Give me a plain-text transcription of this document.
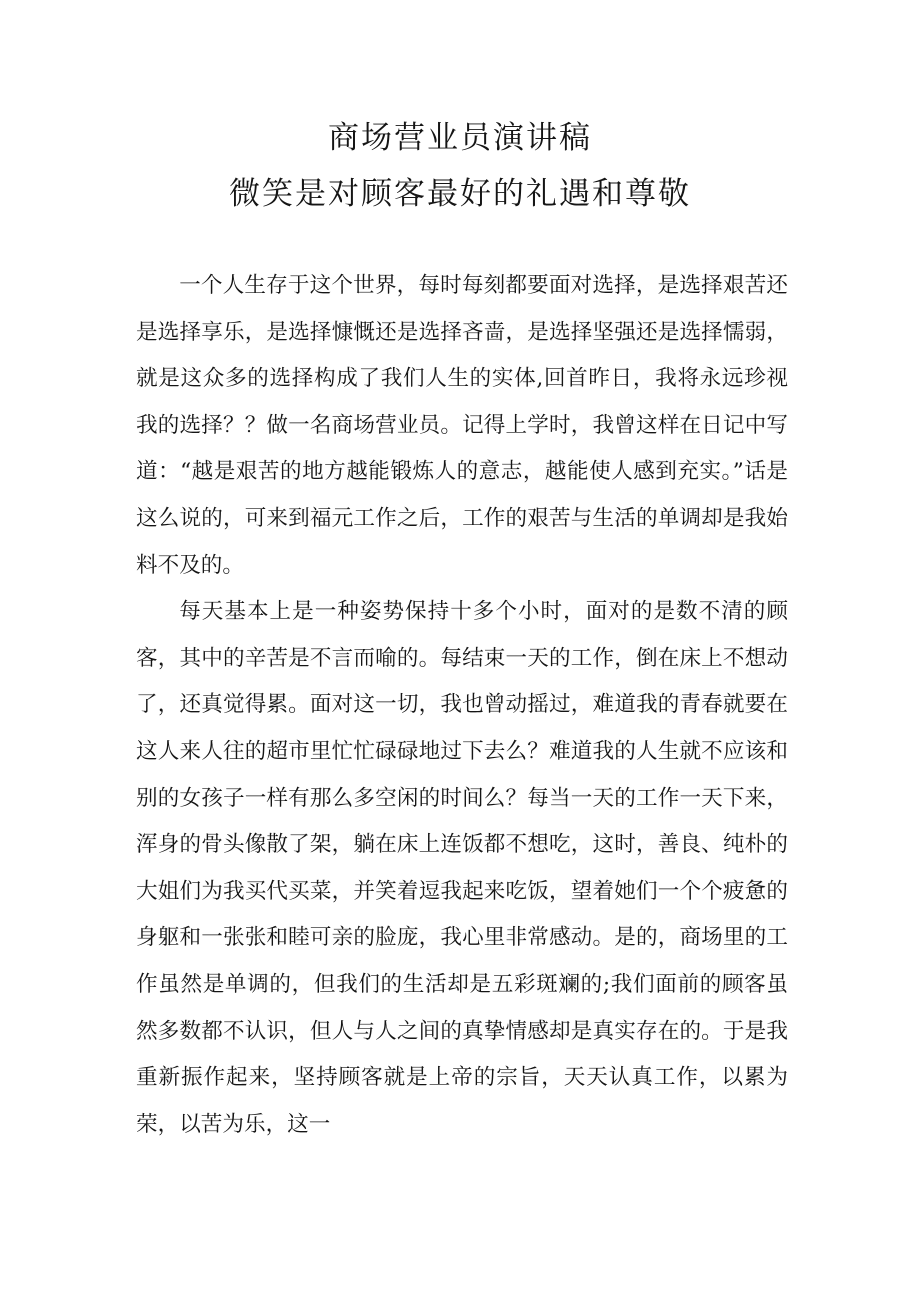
商场营业员演讲稿
微笑是对顾客最好的礼遇和尊敬

一个人生存于这个世界，每时每刻都要面对选择，是选择艰苦还是选择享乐，是选择慷慨还是选择吝啬，是选择坚强还是选择懦弱，就是这众多的选择构成了我们人生的实体,回首昨日，我将永远珍视我的选择？？做一名商场营业员。记得上学时，我曾这样在日记中写道：“越是艰苦的地方越能锻炼人的意志，越能使人感到充实。”话是这么说的，可来到福元工作之后，工作的艰苦与生活的单调却是我始料不及的。

每天基本上是一种姿势保持十多个小时，面对的是数不清的顾客，其中的辛苦是不言而喻的。每结束一天的工作，倒在床上不想动了，还真觉得累。面对这一切，我也曾动摇过，难道我的青春就要在这人来人往的超市里忙忙碌碌地过下去么？难道我的人生就不应该和别的女孩子一样有那么多空闲的时间么？每当一天的工作一天下来，浑身的骨头像散了架，躺在床上连饭都不想吃，这时，善良、纯朴的大姐们为我买代买菜，并笑着逗我起来吃饭，望着她们一个个疲惫的身躯和一张张和睦可亲的脸庞，我心里非常感动。是的，商场里的工作虽然是单调的，但我们的生活却是五彩斑斓的;我们面前的顾客虽然多数都不认识，但人与人之间的真挚情感却是真实存在的。于是我重新振作起来，坚持顾客就是上帝的宗旨，天天认真工作，以累为荣，以苦为乐，这一
